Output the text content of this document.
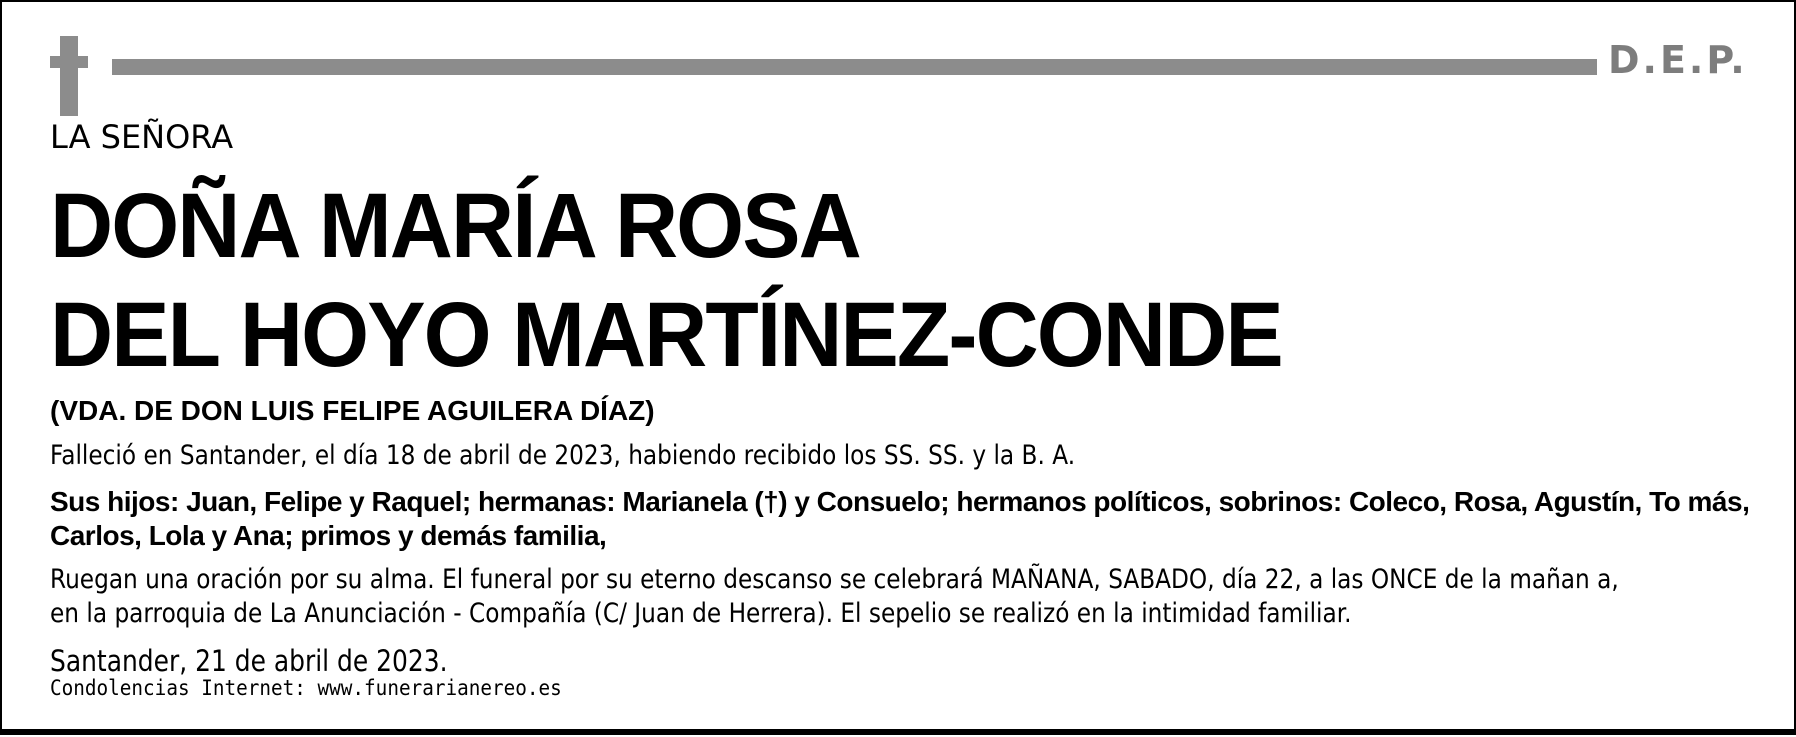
D.E.P.
LA SEÑORA
DOÑA MARÍA ROSA
DEL HOYO MARTÍNEZ-CONDE
(VDA. DE DON LUIS FELIPE AGUILERA DÍAZ)
Falleció en Santander, el día 18 de abril de 2023, habiendo recibido los SS. SS. y la B. A.
Sus hijos: Juan, Felipe y Raquel; hermanas: Marianela (†) y Consuelo; hermanos políticos, sobrinos: Coleco, Rosa, Agustín, To más,
Carlos, Lola y Ana; primos y demás familia,
Ruegan una oración por su alma. El funeral por su eterno descanso se celebrará MAÑANA, SABADO, día 22, a las ONCE de la mañan a,
en la parroquia de La Anunciación - Compañía (C/ Juan de Herrera). El sepelio se realizó en la intimidad familiar.
Santander, 21 de abril de 2023.
Condolencias Internet: www.funerarianereo.es
